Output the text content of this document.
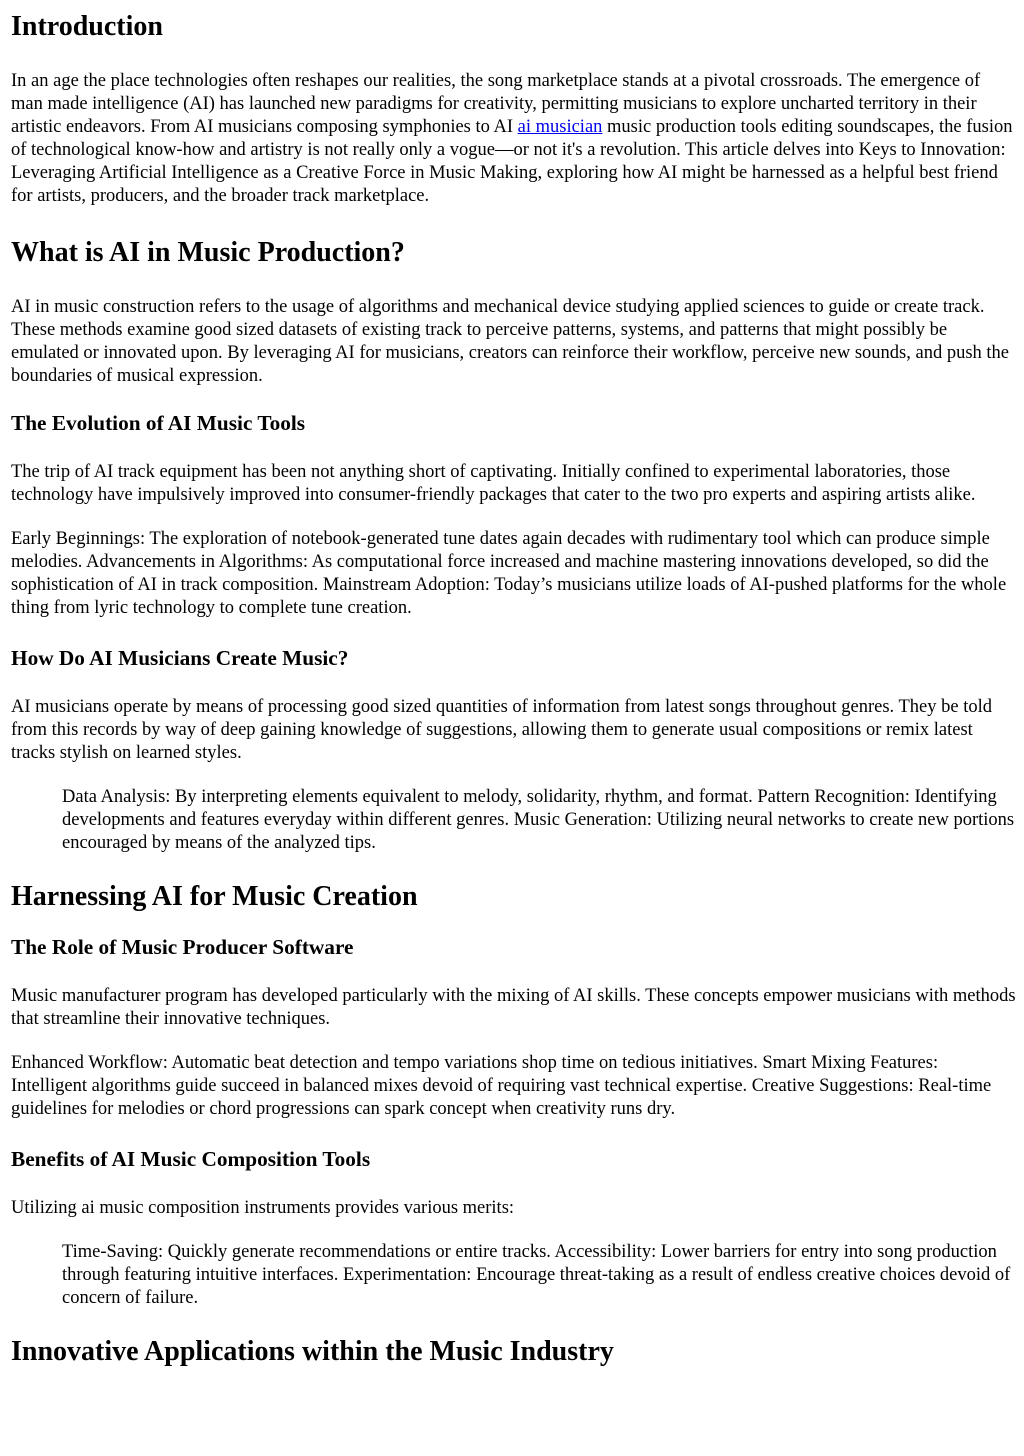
Introduction

In an age the place technologies often reshapes our realities, the song marketplace stands at a pivotal crossroads. The emergence of man made intelligence (AI) has launched new paradigms for creativity, permitting musicians to explore uncharted territory in their artistic endeavors. From AI musicians composing symphonies to AI ai musician music production tools editing soundscapes, the fusion of technological know-how and artistry is not really only a vogue—or not it's a revolution. This article delves into Keys to Innovation: Leveraging Artificial Intelligence as a Creative Force in Music Making, exploring how AI might be harnessed as a helpful best friend for artists, producers, and the broader track marketplace.

What is AI in Music Production?

AI in music construction refers to the usage of algorithms and mechanical device studying applied sciences to guide or create track. These methods examine good sized datasets of existing track to perceive patterns, systems, and patterns that might possibly be emulated or innovated upon. By leveraging AI for musicians, creators can reinforce their workflow, perceive new sounds, and push the boundaries of musical expression.

The Evolution of AI Music Tools

The trip of AI track equipment has been not anything short of captivating. Initially confined to experimental laboratories, those technology have impulsively improved into consumer-friendly packages that cater to the two pro experts and aspiring artists alike.

Early Beginnings: The exploration of notebook-generated tune dates again decades with rudimentary tool which can produce simple melodies. Advancements in Algorithms: As computational force increased and machine mastering innovations developed, so did the sophistication of AI in track composition. Mainstream Adoption: Today’s musicians utilize loads of AI-pushed platforms for the whole thing from lyric technology to complete tune creation.

How Do AI Musicians Create Music?

AI musicians operate by means of processing good sized quantities of information from latest songs throughout genres. They be told from this records by way of deep gaining knowledge of suggestions, allowing them to generate usual compositions or remix latest tracks stylish on learned styles.

Data Analysis: By interpreting elements equivalent to melody, solidarity, rhythm, and format. Pattern Recognition: Identifying developments and features everyday within different genres. Music Generation: Utilizing neural networks to create new portions encouraged by means of the analyzed tips.
Harnessing AI for Music Creation
The Role of Music Producer Software

Music manufacturer program has developed particularly with the mixing of AI skills. These concepts empower musicians with methods that streamline their innovative techniques.

Enhanced Workflow: Automatic beat detection and tempo variations shop time on tedious initiatives. Smart Mixing Features: Intelligent algorithms guide succeed in balanced mixes devoid of requiring vast technical expertise. Creative Suggestions: Real-time guidelines for melodies or chord progressions can spark concept when creativity runs dry.

Benefits of AI Music Composition Tools

Utilizing ai music composition instruments provides various merits:

Time-Saving: Quickly generate recommendations or entire tracks. Accessibility: Lower barriers for entry into song production through featuring intuitive interfaces. Experimentation: Encourage threat-taking as a result of endless creative choices devoid of concern of failure.
Innovative Applications within the Music Industry
